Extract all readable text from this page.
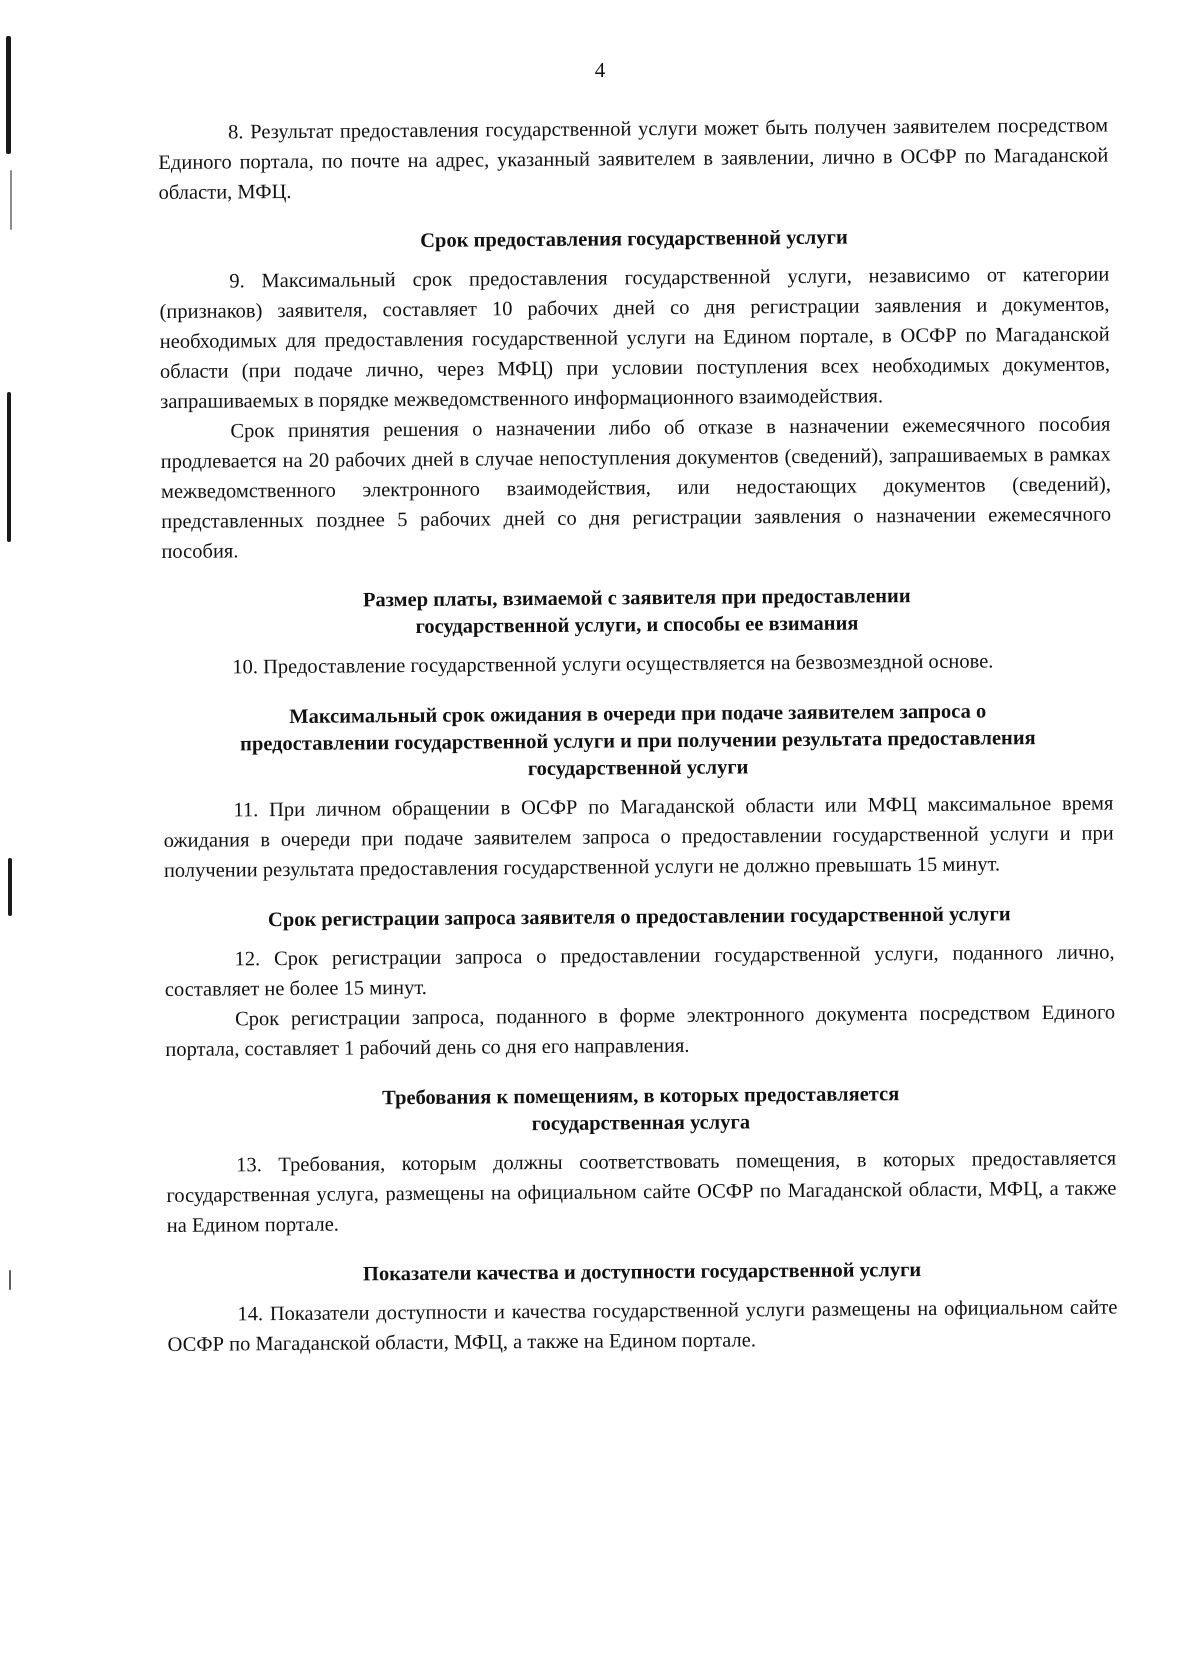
4

8. Результат предоставления государственной услуги может быть получен заявителем посредством Единого портала, по почте на адрес, указанный заявителем в заявлении, лично в ОСФР по Магаданской области, МФЦ.

Срок предоставления государственной услуги

9. Максимальный срок предоставления государственной услуги, независимо от категории (признаков) заявителя, составляет 10 рабочих дней со дня регистрации заявления и документов, необходимых для предоставления государственной услуги на Едином портале, в ОСФР по Магаданской области (при подаче лично, через МФЦ) при условии поступления всех необходимых документов, запрашиваемых в порядке межведомственного информационного взаимодействия.

Срок принятия решения о назначении либо об отказе в назначении ежемесячного пособия продлевается на 20 рабочих дней в случае непоступления документов (сведений), запрашиваемых в рамках межведомственного электронного взаимодействия, или недостающих документов (сведений), представленных позднее 5 рабочих дней со дня регистрации заявления о назначении ежемесячного пособия.

Размер платы, взимаемой с заявителя при предоставлении
государственной услуги, и способы ее взимания

10. Предоставление государственной услуги осуществляется на безвозмездной основе.

Максимальный срок ожидания в очереди при подаче заявителем запроса о
предоставлении государственной услуги и при получении результата предоставления
государственной услуги

11. При личном обращении в ОСФР по Магаданской области или МФЦ максимальное время ожидания в очереди при подаче заявителем запроса о предоставлении государственной услуги и при получении результата предоставления государственной услуги не должно превышать 15 минут.

Срок регистрации запроса заявителя о предоставлении государственной услуги

12. Срок регистрации запроса о предоставлении государственной услуги, поданного лично, составляет не более 15 минут.

Срок регистрации запроса, поданного в форме электронного документа посредством Единого портала, составляет 1 рабочий день со дня его направления.

Требования к помещениям, в которых предоставляется
государственная услуга

13. Требования, которым должны соответствовать помещения, в которых предоставляется государственная услуга, размещены на официальном сайте ОСФР по Магаданской области, МФЦ, а также на Едином портале.

Показатели качества и доступности государственной услуги

14. Показатели доступности и качества государственной услуги размещены на официальном сайте ОСФР по Магаданской области, МФЦ, а также на Едином портале.
